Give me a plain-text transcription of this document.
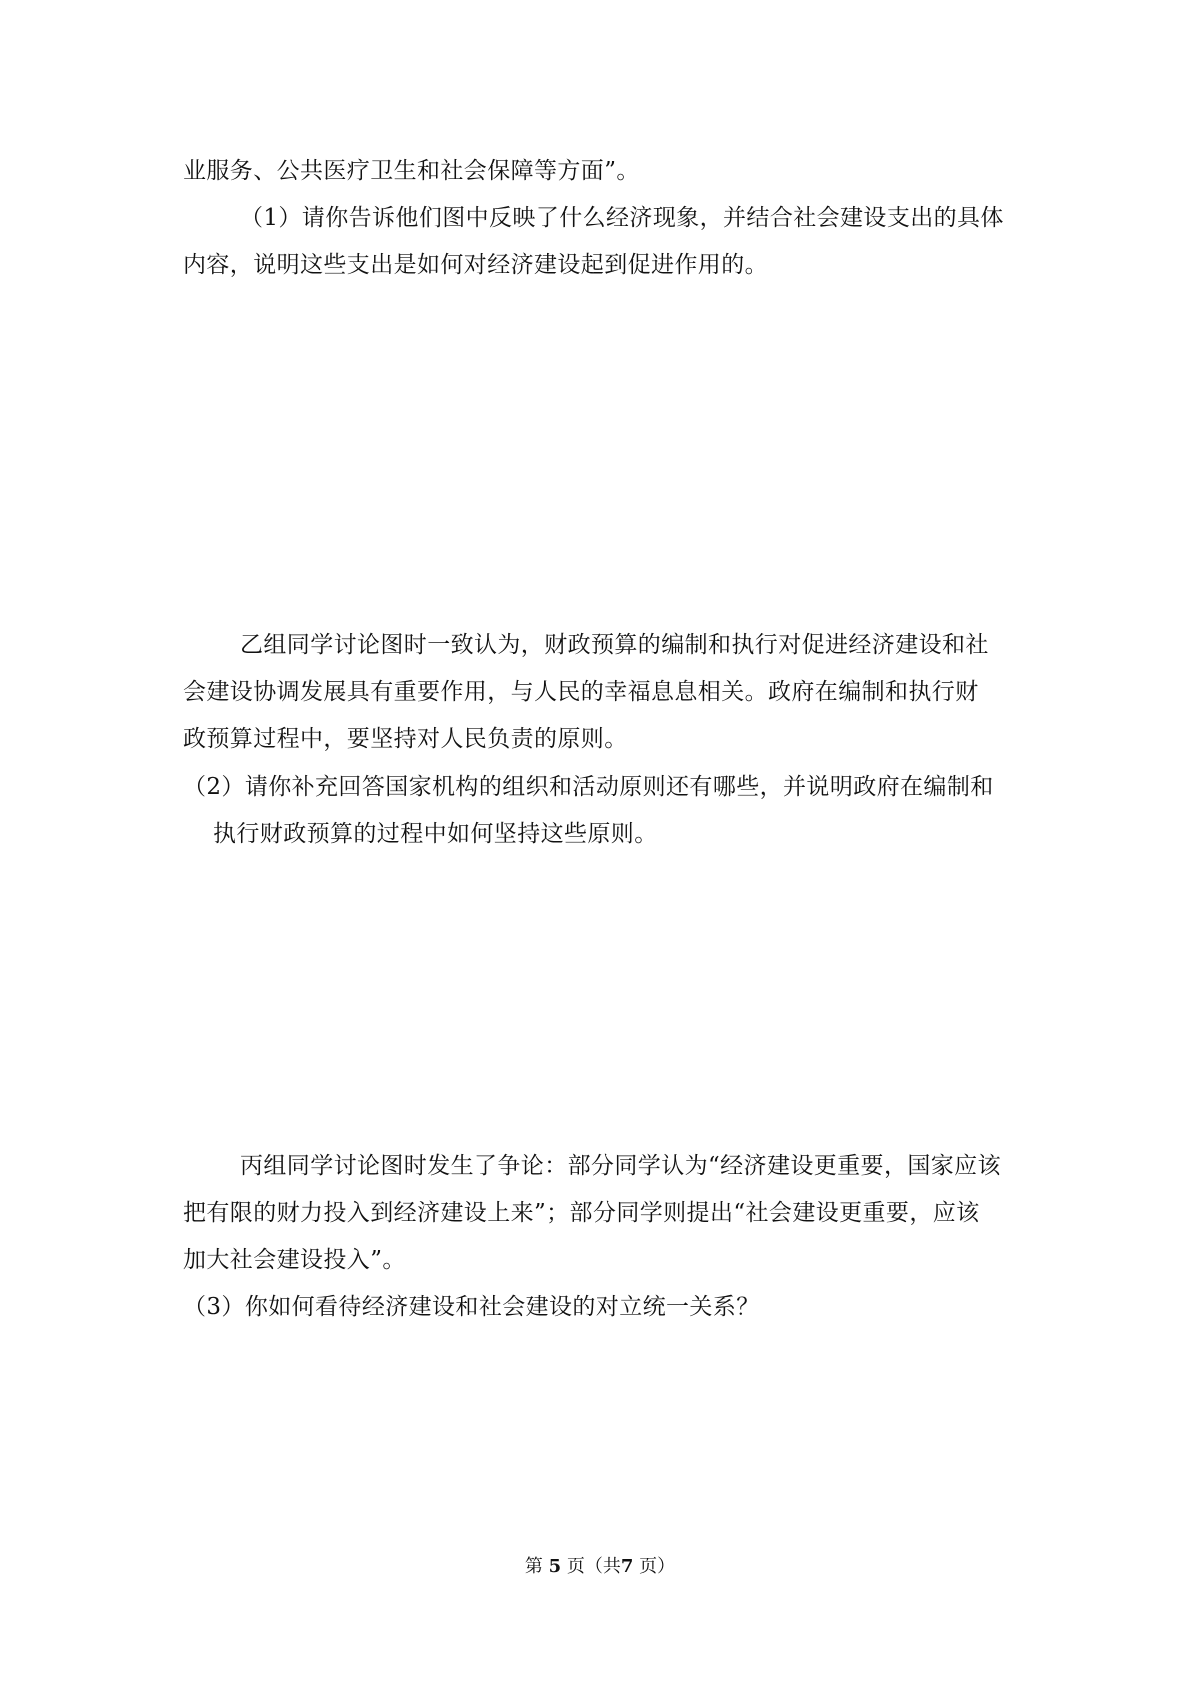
业服务、公共医疗卫生和社会保障等方面”。
（1）请你告诉他们图中反映了什么经济现象，并结合社会建设支出的具体
内容，说明这些支出是如何对经济建设起到促进作用的。
乙组同学讨论图时一致认为，财政预算的编制和执行对促进经济建设和社
会建设协调发展具有重要作用，与人民的幸福息息相关。政府在编制和执行财
政预算过程中，要坚持对人民负责的原则。
（2）请你补充回答国家机构的组织和活动原则还有哪些，并说明政府在编制和
执行财政预算的过程中如何坚持这些原则。
丙组同学讨论图时发生了争论：部分同学认为“经济建设更重要，国家应该
把有限的财力投入到经济建设上来”；部分同学则提出“社会建设更重要，应该
加大社会建设投入”。
（3）你如何看待经济建设和社会建设的对立统一关系？
第 5 页（共7 页）
